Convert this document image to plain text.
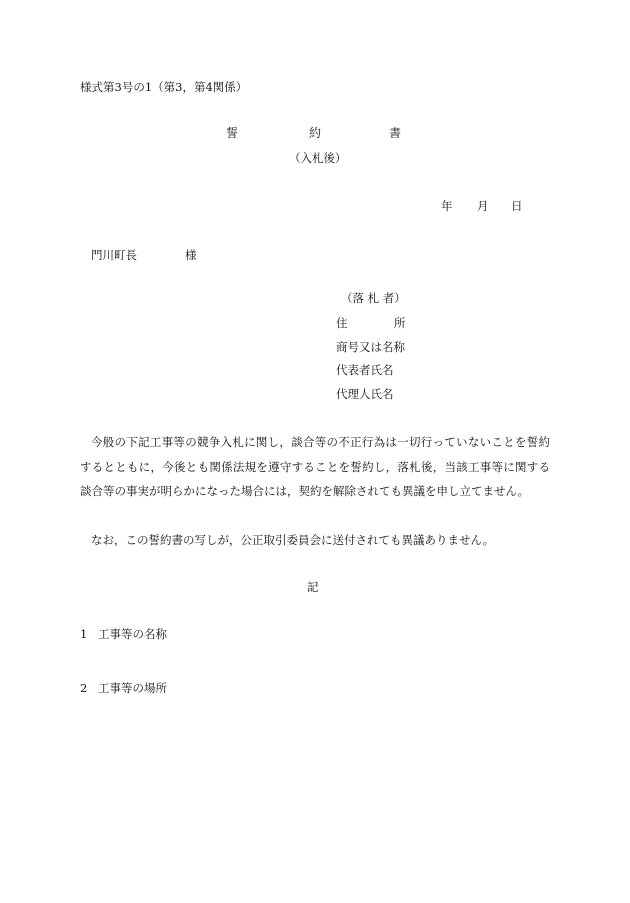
様式第3号の1（第3，第4関係）
誓	約	書
（入札後）
年 月 日
門川町長	様
（落 札 者）
住	所
商号又は名称
代表者氏名
代理人氏名
今般の下記工事等の競争入札に関し，談合等の不正行為は一切行っていないことを誓約するとともに，今後とも関係法規を遵守することを誓約し，落札後，当該工事等に関する談合等の事実が明らかになった場合には，契約を解除されても異議を申し立てません。
なお，この誓約書の写しが，公正取引委員会に送付されても異議ありません。
記
1 工事等の名称
2 工事等の場所
